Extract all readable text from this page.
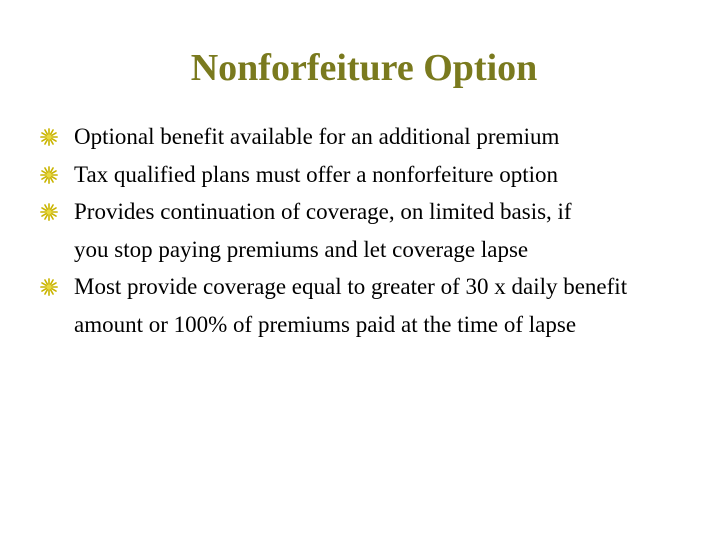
Nonforfeiture Option
Optional benefit available for an additional premium
Tax qualified plans must offer a nonforfeiture option
Provides continuation of coverage, on limited basis, if you stop paying premiums and let coverage lapse
Most provide coverage equal to greater of 30 x daily benefit amount or 100% of premiums paid at the time of lapse
